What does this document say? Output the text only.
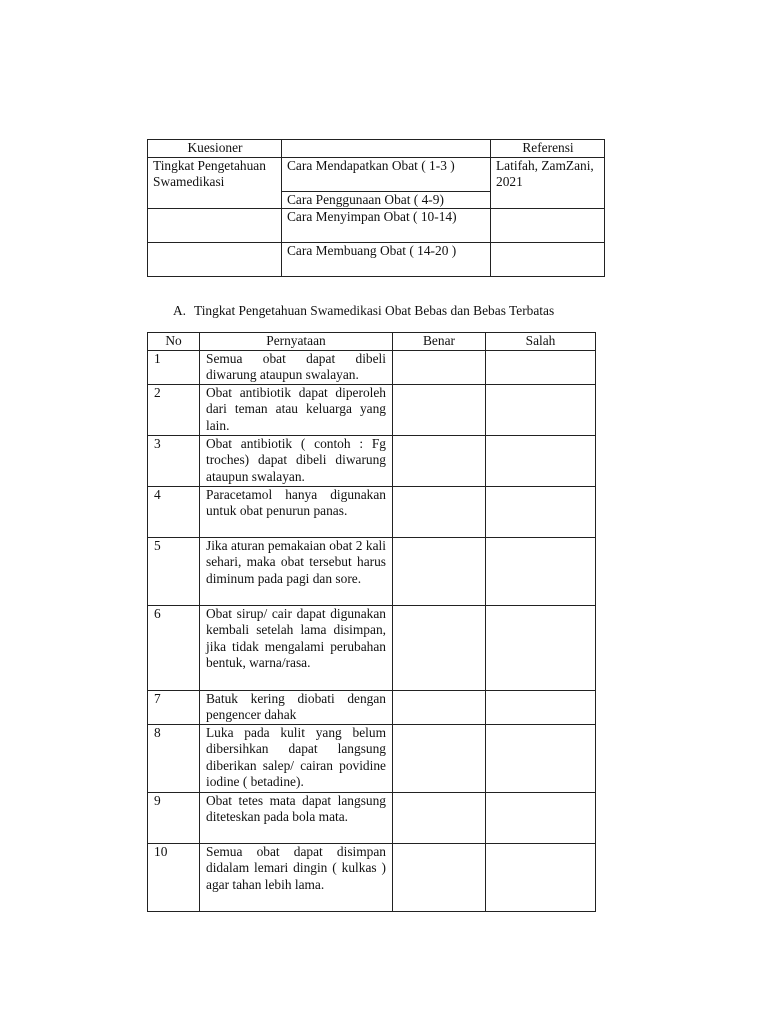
Kuesioner		Referensi
Tingkat Pengetahuan Swamedikasi	Cara Mendapatkan Obat ( 1-3 )	Latifah, ZamZani, 2021
	Cara Penggunaan Obat ( 4-9)	
	Cara Menyimpan Obat ( 10-14)	
	Cara Membuang Obat ( 14-20 )	
A. Tingkat Pengetahuan Swamedikasi Obat Bebas dan Bebas Terbatas
No	Pernyataan	Benar	Salah
1	Semua obat dapat dibeli diwarung ataupun swalayan.		
2	Obat antibiotik dapat diperoleh dari teman atau keluarga yang lain.		
3	Obat antibiotik ( contoh : Fg troches) dapat dibeli diwarung ataupun swalayan.		
4	Paracetamol hanya digunakan untuk obat penurun panas.		
5	Jika aturan pemakaian obat 2 kali sehari, maka obat tersebut harus diminum pada pagi dan sore.		
6	Obat sirup/ cair dapat digunakan kembali setelah lama disimpan, jika tidak mengalami perubahan bentuk, warna/rasa.		
7	Batuk kering diobati dengan pengencer dahak		
8	Luka pada kulit yang belum dibersihkan dapat langsung diberikan salep/ cairan povidine iodine ( betadine).		
9	Obat tetes mata dapat langsung diteteskan pada bola mata.		
10	Semua obat dapat disimpan didalam lemari dingin ( kulkas ) agar tahan lebih lama.		
